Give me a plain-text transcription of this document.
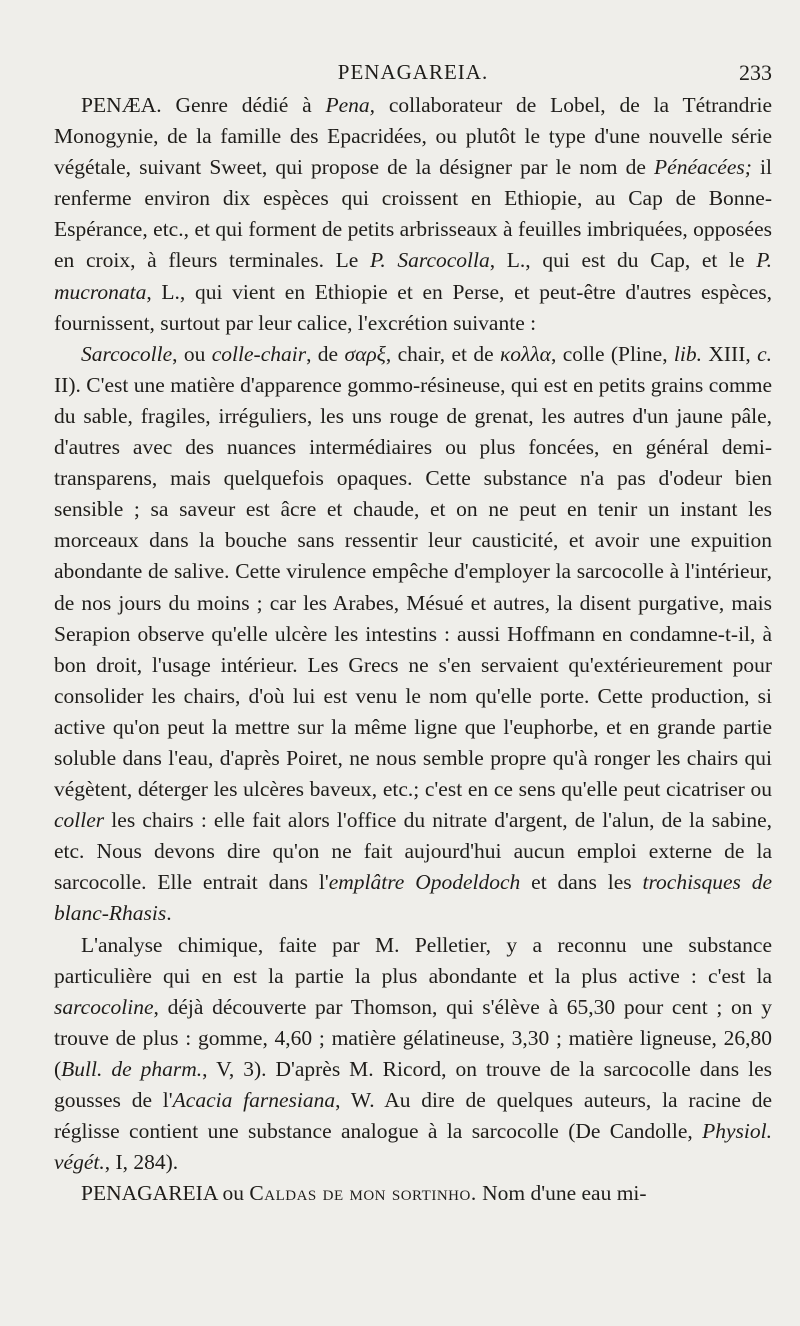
PENAGAREIA.	233

PENÆA. Genre dédié à Pena, collaborateur de Lobel, de la Tétrandrie Monogynie, de la famille des Epacridées, ou plutôt le type d'une nouvelle série végétale, suivant Sweet, qui propose de la désigner par le nom de Pénéacées; il renferme environ dix espèces qui croissent en Ethiopie, au Cap de Bonne-Espérance, etc., et qui forment de petits arbrisseaux à feuilles imbriquées, opposées en croix, à fleurs terminales. Le P. Sarcocolla, L., qui est du Cap, et le P. mucronata, L., qui vient en Ethiopie et en Perse, et peut-être d'autres espèces, fournissent, surtout par leur calice, l'excrétion suivante :

Sarcocolle, ou colle-chair, de σαρξ, chair, et de κολλα, colle (Pline, lib. XIII, c. II). C'est une matière d'apparence gommo-résineuse, qui est en petits grains comme du sable, fragiles, irréguliers, les uns rouge de grenat, les autres d'un jaune pâle, d'autres avec des nuances intermédiaires ou plus foncées, en général demi-transparens, mais quelquefois opaques. Cette substance n'a pas d'odeur bien sensible ; sa saveur est âcre et chaude, et on ne peut en tenir un instant les morceaux dans la bouche sans ressentir leur causticité, et avoir une expuition abondante de salive. Cette virulence empêche d'employer la sarcocolle à l'intérieur, de nos jours du moins ; car les Arabes, Mésué et autres, la disent purgative, mais Serapion observe qu'elle ulcère les intestins : aussi Hoffmann en condamne-t-il, à bon droit, l'usage intérieur. Les Grecs ne s'en servaient qu'extérieurement pour consolider les chairs, d'où lui est venu le nom qu'elle porte. Cette production, si active qu'on peut la mettre sur la même ligne que l'euphorbe, et en grande partie soluble dans l'eau, d'après Poiret, ne nous semble propre qu'à ronger les chairs qui végètent, déterger les ulcères baveux, etc.; c'est en ce sens qu'elle peut cicatriser ou coller les chairs : elle fait alors l'office du nitrate d'argent, de l'alun, de la sabine, etc. Nous devons dire qu'on ne fait aujourd'hui aucun emploi externe de la sarcocolle. Elle entrait dans l'emplâtre Opodeldoch et dans les trochisques de blanc-Rhasis.

L'analyse chimique, faite par M. Pelletier, y a reconnu une substance particulière qui en est la partie la plus abondante et la plus active : c'est la sarcocoline, déjà découverte par Thomson, qui s'élève à 65,30 pour cent ; on y trouve de plus : gomme, 4,60 ; matière gélatineuse, 3,30 ; matière ligneuse, 26,80 (Bull. de pharm., V, 3). D'après M. Ricord, on trouve de la sarcocolle dans les gousses de l'Acacia farnesiana, W. Au dire de quelques auteurs, la racine de réglisse contient une substance analogue à la sarcocolle (De Candolle, Physiol. végét., I, 284).

PENAGAREIA ou Caldas de mon sortinho. Nom d'une eau mi-
